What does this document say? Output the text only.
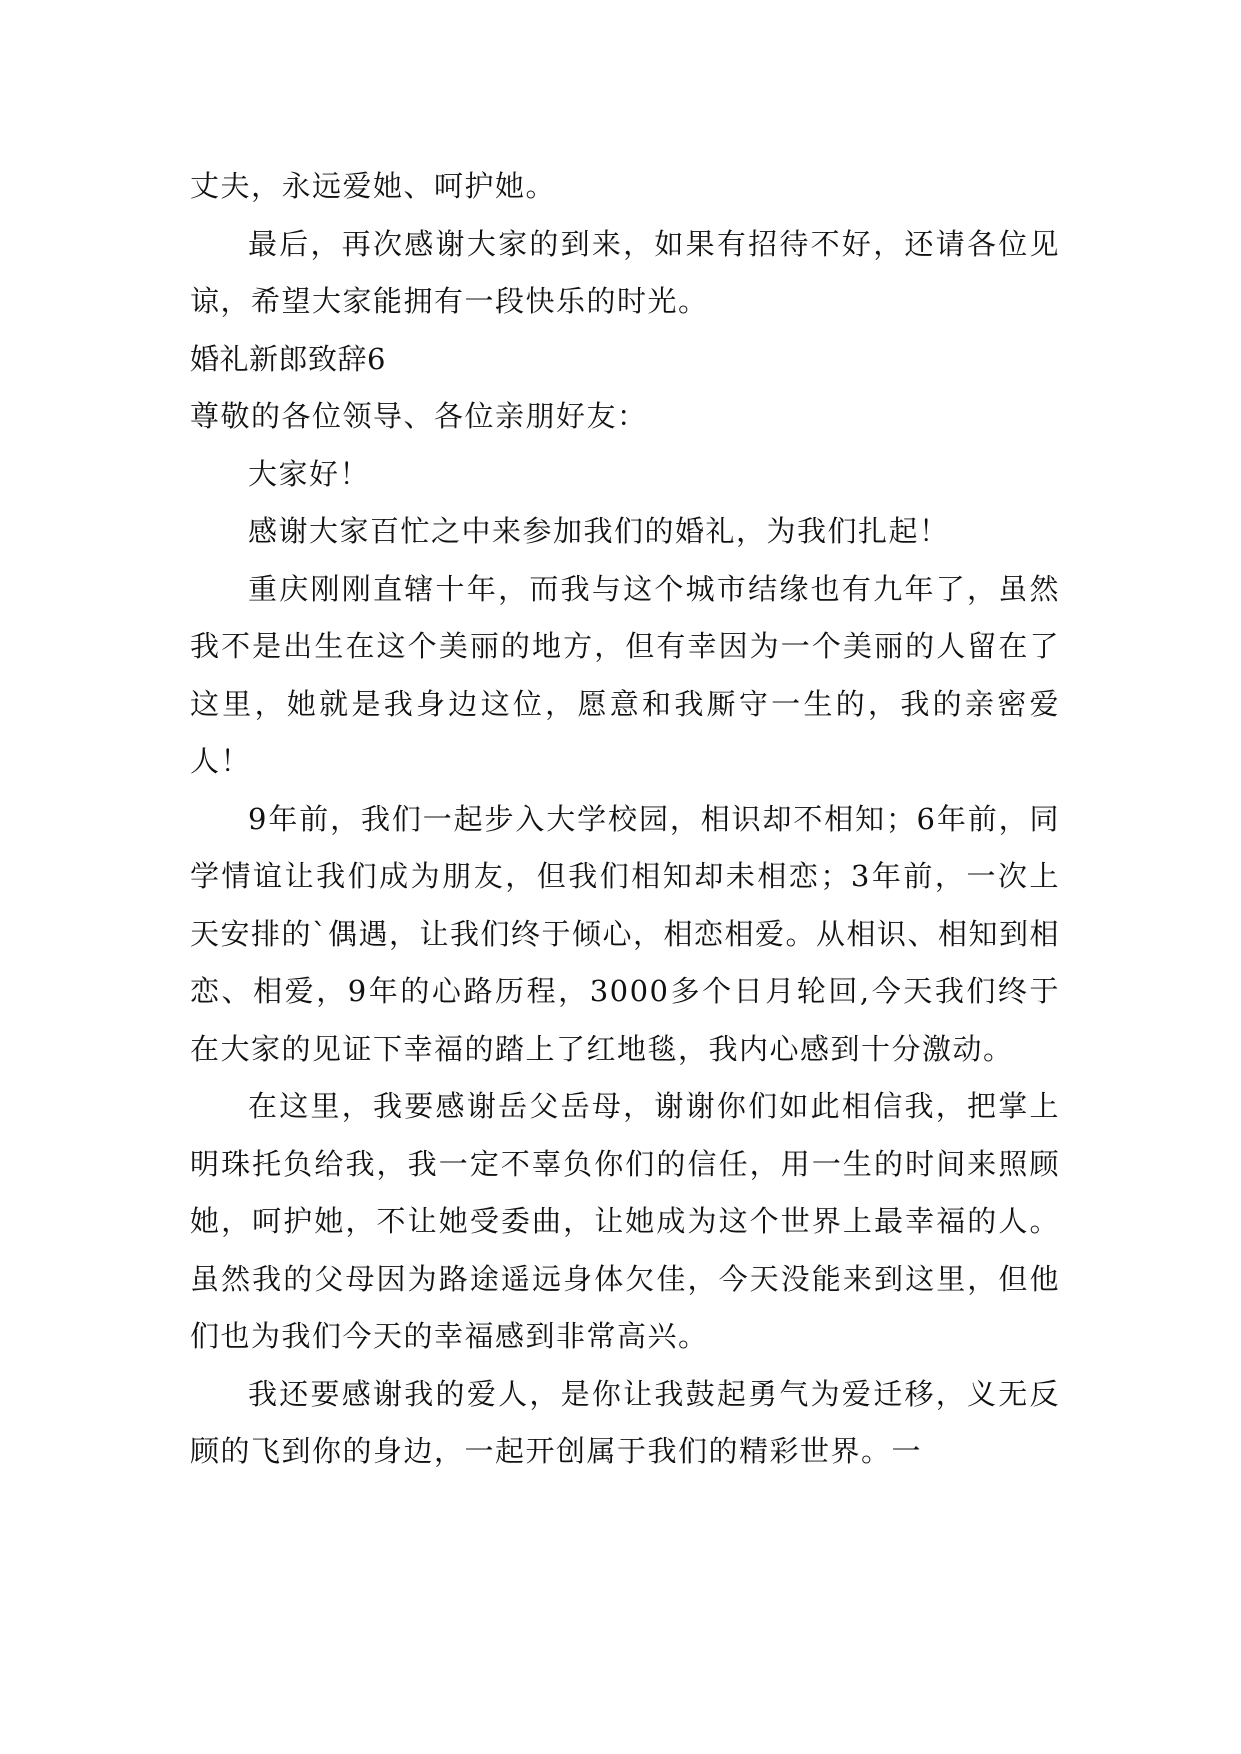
丈夫，永远爱她、呵护她。

最后，再次感谢大家的到来，如果有招待不好，还请各位见谅，希望大家能拥有一段快乐的时光。

婚礼新郎致辞6

尊敬的各位领导、各位亲朋好友：

大家好！

感谢大家百忙之中来参加我们的婚礼，为我们扎起！

重庆刚刚直辖十年，而我与这个城市结缘也有九年了，虽然我不是出生在这个美丽的地方，但有幸因为一个美丽的人留在了这里，她就是我身边这位，愿意和我厮守一生的，我的亲密爱人！

9年前，我们一起步入大学校园，相识却不相知；6年前，同学情谊让我们成为朋友，但我们相知却未相恋；3年前，一次上天安排的`偶遇，让我们终于倾心，相恋相爱。从相识、相知到相恋、相爱，9年的心路历程，3000多个日月轮回,今天我们终于在大家的见证下幸福的踏上了红地毯，我内心感到十分激动。

在这里，我要感谢岳父岳母，谢谢你们如此相信我，把掌上明珠托负给我，我一定不辜负你们的信任，用一生的时间来照顾她，呵护她，不让她受委曲，让她成为这个世界上最幸福的人。虽然我的父母因为路途遥远身体欠佳，今天没能来到这里，但他们也为我们今天的幸福感到非常高兴。

我还要感谢我的爱人，是你让我鼓起勇气为爱迁移，义无反顾的飞到你的身边，一起开创属于我们的精彩世界。一
